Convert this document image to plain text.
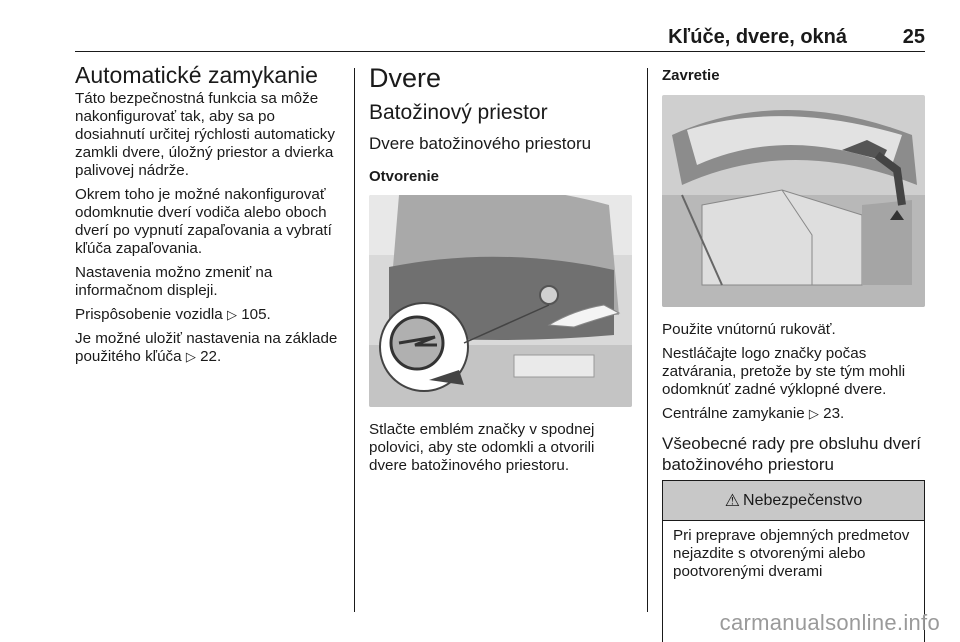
Kľúče, dvere, okná	25
Automatické zamykanie

Táto bezpečnostná funkcia sa môže nakonfigurovať tak, aby sa po dosiahnutí určitej rýchlosti automaticky zamkli dvere, úložný priestor a dvierka palivovej nádrže.

Okrem toho je možné nakonfigurovať odomknutie dverí vodiča alebo oboch dverí po vypnutí zapaľovania a vybratí kľúča zapaľovania.

Nastavenia možno zmeniť na informačnom displeji.

Prispôsobenie vozidla ▷ 105.

Je možné uložiť nastavenia na základe použitého kľúča ▷ 22.

Dvere
Batožinový priestor
Dvere batožinového priestoru
Otvorenie

Stlačte emblém značky v spodnej polovici, aby ste odomkli a otvorili dvere batožinového priestoru.

Zavretie

Použite vnútornú rukoväť.

Nestláčajte logo značky počas zatvárania, pretože by ste tým mohli odomknúť zadné výklopné dvere.

Centrálne zamykanie ▷ 23.

Všeobecné rady pre obsluhu dverí batožinového priestoru
⚠ Nebezpečenstvo

Pri preprave objemných predmetov nejazdite s otvorenými alebo pootvorenými dverami

carmanualsonline.info
